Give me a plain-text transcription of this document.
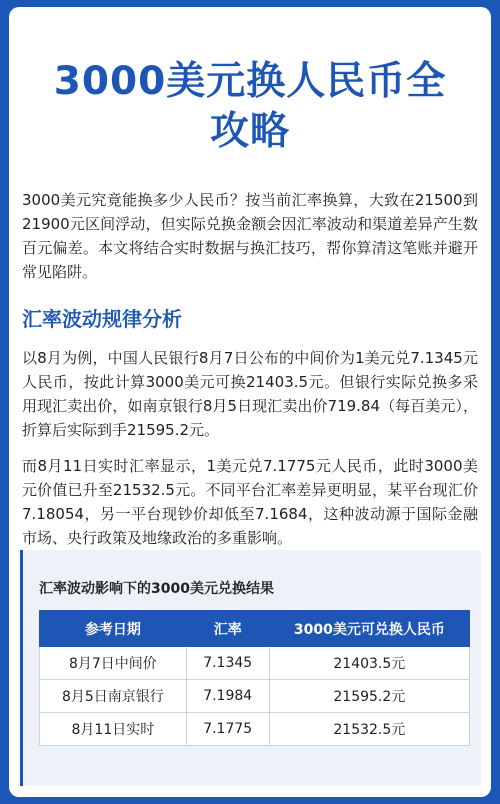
3000美元换人民币全
攻略

3000美元究竟能换多少人民币？按当前汇率换算，大致在21500到21900元区间浮动，但实际兑换金额会因汇率波动和渠道差异产生数百元偏差。本文将结合实时数据与换汇技巧，帮你算清这笔账并避开常见陷阱。

汇率波动规律分析

以8月为例，中国人民银行8月7日公布的中间价为1美元兑7.1345元人民币，按此计算3000美元可换21403.5元。但银行实际兑换多采用现汇卖出价，如南京银行8月5日现汇卖出价719.84（每百美元），折算后实际到手21595.2元。

而8月11日实时汇率显示，1美元兑7.1775元人民币，此时3000美元价值已升至21532.5元。不同平台汇率差异更明显，某平台现汇价7.18054，另一平台现钞价却低至7.1684，这种波动源于国际金融市场、央行政策及地缘政治的多重影响。

汇率波动影响下的3000美元兑换结果
参考日期	汇率	3000美元可兑换人民币
8月7日中间价	7.1345	21403.5元
8月5日南京银行	7.1984	21595.2元
8月11日实时	7.1775	21532.5元
